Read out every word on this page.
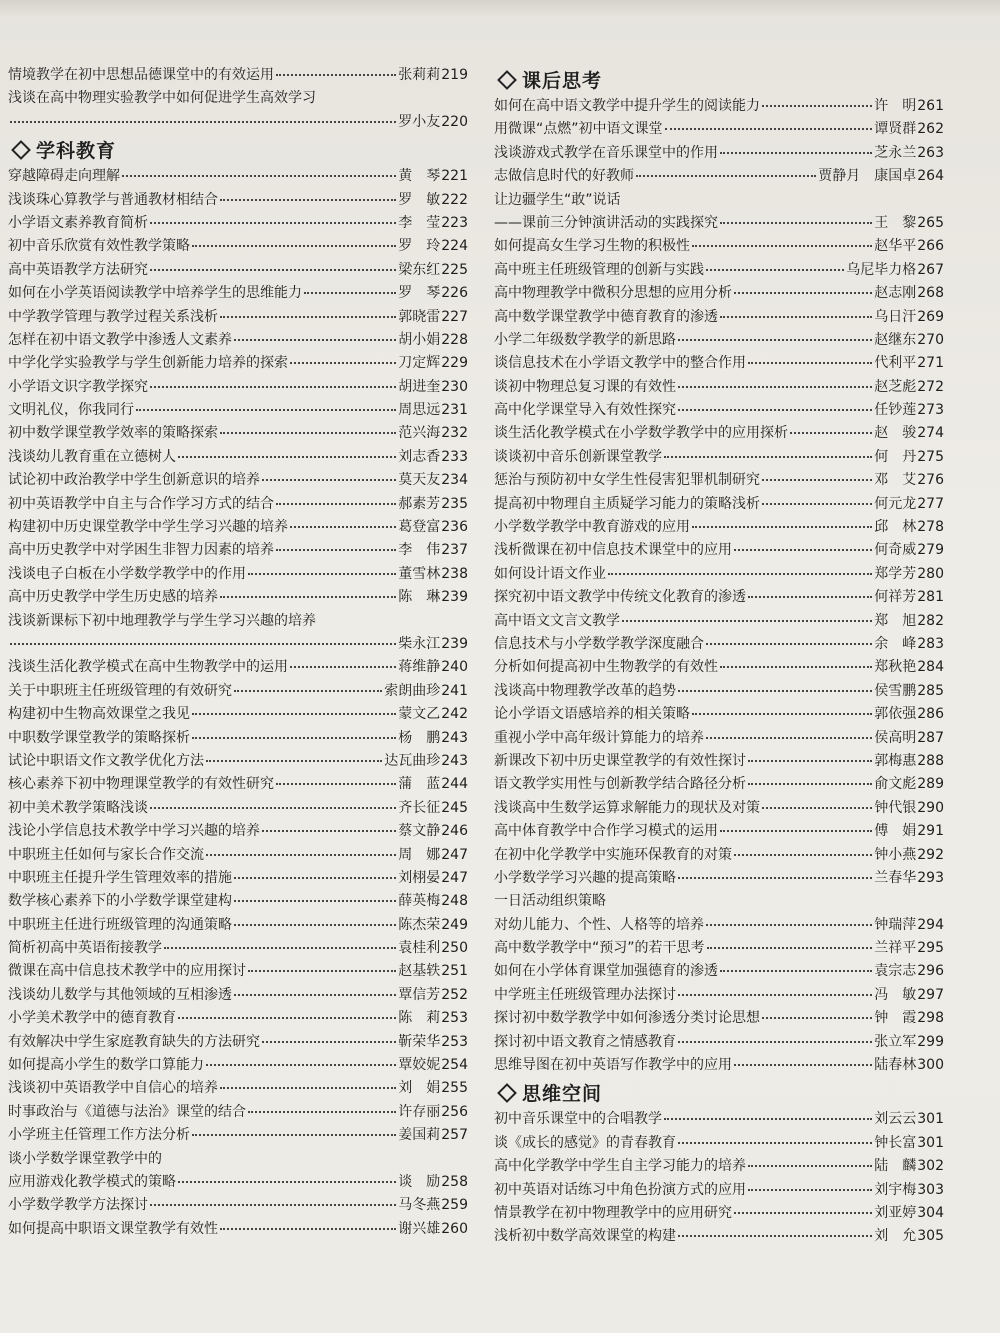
情境教学在初中思想品德课堂中的有效运用	张莉莉 219
浅谈在高中物理实验教学中如何促进学生高效学习
罗小友 220
学科教育
穿越障碍走向理解	黄　琴 221
浅谈珠心算教学与普通教材相结合	罗　敏 222
小学语文素养教育简析	李　莹 223
初中音乐欣赏有效性教学策略	罗　玲 224
高中英语教学方法研究	梁东红 225
如何在小学英语阅读教学中培养学生的思维能力	罗　琴 226
中学教学管理与教学过程关系浅析	郭晓雷 227
怎样在初中语文教学中渗透人文素养	胡小娟 228
中学化学实验教学与学生创新能力培养的探索	刀定辉 229
小学语文识字教学探究	胡进奎 230
文明礼仪，你我同行	周思远 231
初中数学课堂教学效率的策略探索	范兴海 232
浅谈幼儿教育重在立德树人	刘志香 233
试论初中政治教学中学生创新意识的培养	莫天友 234
初中英语教学中自主与合作学习方式的结合	郝素芳 235
构建初中历史课堂教学中学生学习兴趣的培养	葛登富 236
高中历史教学中对学困生非智力因素的培养	李　伟 237
浅谈电子白板在小学数学教学中的作用	董雪林 238
高中历史教学中学生历史感的培养	陈　琳 239
浅谈新课标下初中地理教学与学生学习兴趣的培养
柴永江 239
浅谈生活化教学模式在高中生物教学中的运用	蒋维静 240
关于中职班主任班级管理的有效研究	索朗曲珍 241
构建初中生物高效课堂之我见	蒙文乙 242
中职数学课堂教学的策略探析	杨　鹏 243
试论中职语文作文教学优化方法	达瓦曲珍 243
核心素养下初中物理课堂教学的有效性研究	蒲　蓝 244
初中美术教学策略浅谈	齐长征 245
浅论小学信息技术教学中学习兴趣的培养	蔡文静 246
中职班主任如何与家长合作交流	周　娜 247
中职班主任提升学生管理效率的措施	刘栩晏 247
数学核心素养下的小学数学课堂建构	薛英梅 248
中职班主任进行班级管理的沟通策略	陈杰荣 249
简析初高中英语衔接教学	袁桂利 250
微课在高中信息技术教学中的应用探讨	赵基轶 251
浅谈幼儿数学与其他领域的互相渗透	覃信芳 252
小学美术教学中的德育教育	陈　莉 253
有效解决中学生家庭教育缺失的方法研究	靳荣华 253
如何提高小学生的数学口算能力	覃姣妮 254
浅谈初中英语教学中自信心的培养	刘　娟 255
时事政治与《道德与法治》课堂的结合	许存丽 256
小学班主任管理工作方法分析	姜国莉 257
谈小学数学课堂教学中的
应用游戏化教学模式的策略	谈　励 258
小学数学教学方法探讨	马冬燕 259
如何提高中职语文课堂教学有效性	谢兴雄 260
课后思考
如何在高中语文教学中提升学生的阅读能力	许　明 261
用微课“点燃”初中语文课堂	谭贤群 262
浅谈游戏式教学在音乐课堂中的作用	芝永兰 263
志做信息时代的好教师	贾静月　康国卓 264
让边疆学生“敢”说话
——课前三分钟演讲活动的实践探究	王　黎 265
如何提高女生学习生物的积极性	赵华平 266
高中班主任班级管理的创新与实践	乌尼毕力格 267
高中物理教学中微积分思想的应用分析	赵志刚 268
高中数学课堂教学中德育教育的渗透	乌日汗 269
小学二年级数学教学的新思路	赵继东 270
谈信息技术在小学语文教学中的整合作用	代利平 271
谈初中物理总复习课的有效性	赵芝彪 272
高中化学课堂导入有效性探究	任钞莲 273
谈生活化教学模式在小学数学教学中的应用探析	赵　骏 274
谈谈初中音乐创新课堂教学	何　丹 275
惩治与预防初中女学生性侵害犯罪机制研究	邓　艾 276
提高初中物理自主质疑学习能力的策略浅析	何元龙 277
小学数学教学中教育游戏的应用	邱　林 278
浅析微课在初中信息技术课堂中的应用	何奇威 279
如何设计语文作业	郑学芳 280
探究初中语文教学中传统文化教育的渗透	何祥芳 281
高中语文文言文教学	郑　旭 282
信息技术与小学数学教学深度融合	余　峰 283
分析如何提高初中生物教学的有效性	郑秋艳 284
浅谈高中物理教学改革的趋势	侯雪鹏 285
论小学语文语感培养的相关策略	郭依强 286
重视小学中高年级计算能力的培养	侯高明 287
新课改下初中历史课堂教学的有效性探讨	郭梅惠 288
语文教学实用性与创新教学结合路径分析	俞文彪 289
浅谈高中生数学运算求解能力的现状及对策	钟代银 290
高中体育教学中合作学习模式的运用	傅　娟 291
在初中化学教学中实施环保教育的对策	钟小燕 292
小学数学学习兴趣的提高策略	兰春华 293
一日活动组织策略
对幼儿能力、个性、人格等的培养	钟瑞萍 294
高中数学教学中“预习”的若干思考	兰祥平 295
如何在小学体育课堂加强德育的渗透	袁宗志 296
中学班主任班级管理办法探讨	冯　敏 297
探讨初中数学教学中如何渗透分类讨论思想	钟　霞 298
探讨初中语文教育之情感教育	张立军 299
思维导图在初中英语写作教学中的应用	陆春林 300
思维空间
初中音乐课堂中的合唱教学	刘云云 301
谈《成长的感觉》的青春教育	钟长富 301
高中化学教学中学生自主学习能力的培养	陆　麟 302
初中英语对话练习中角色扮演方式的应用	刘宇梅 303
情景教学在初中物理教学中的应用研究	刘亚婷 304
浅析初中数学高效课堂的构建	刘　允 305
